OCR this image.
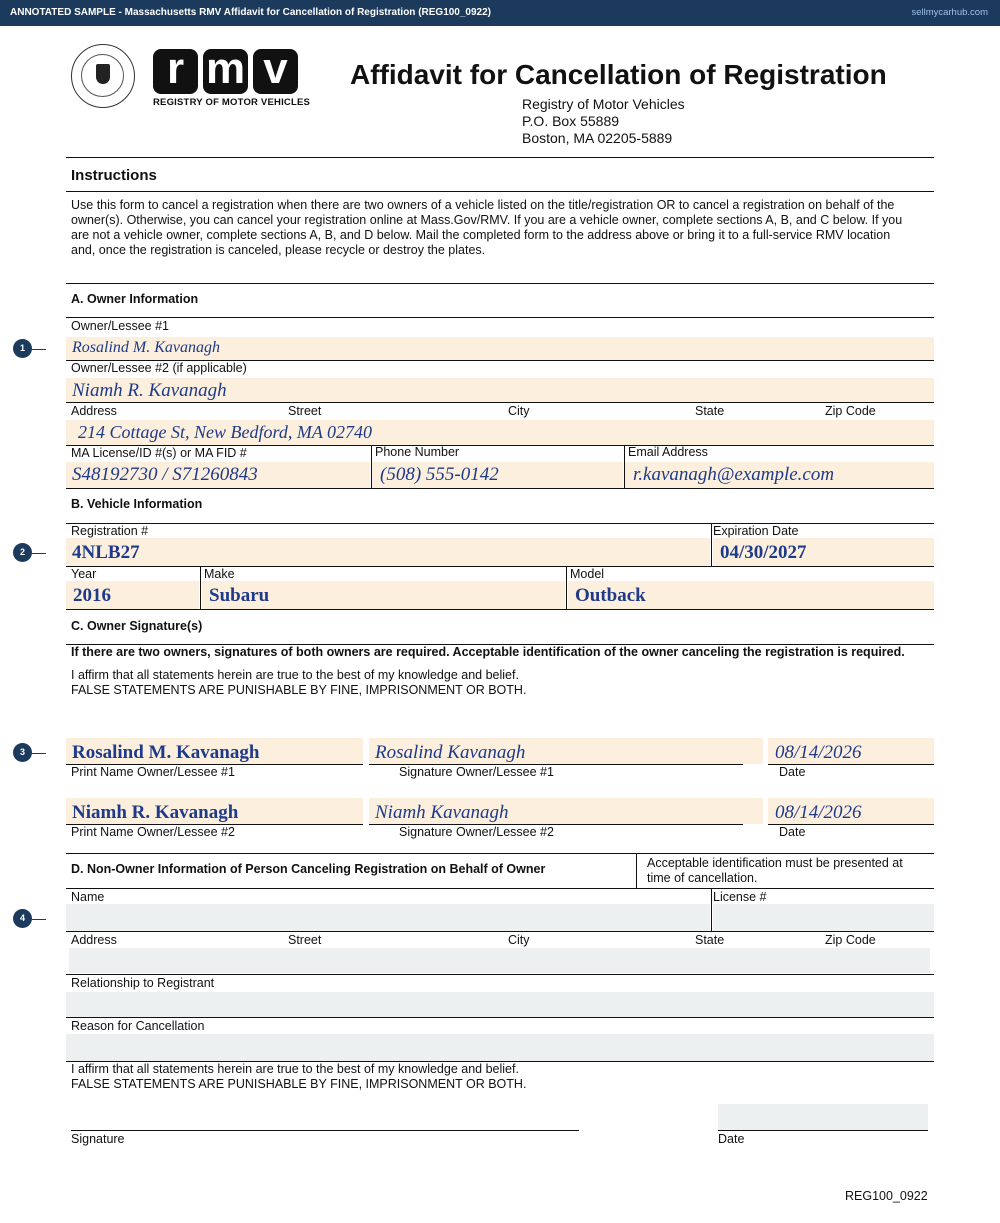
ANNOTATED SAMPLE - Massachusetts RMV Affidavit for Cancellation of Registration (REG100_0922)	sellmycarhub.com
r m v
REGISTRY OF MOTOR VEHICLES
Affidavit for Cancellation of Registration
Registry of Motor Vehicles
P.O. Box 55889
Boston, MA 02205-5889
Instructions
Use this form to cancel a registration when there are two owners of a vehicle listed on the title/registration OR to cancel a registration on behalf of the
owner(s). Otherwise, you can cancel your registration online at Mass.Gov/RMV. If you are a vehicle owner, complete sections A, B, and C below. If you
are not a vehicle owner, complete sections A, B, and D below. Mail the completed form to the address above or bring it to a full-service RMV location
and, once the registration is canceled, please recycle or destroy the plates.
A. Owner Information
Owner/Lessee #1
Rosalind M. Kavanagh
Owner/Lessee #2 (if applicable)
Niamh R. Kavanagh
Address	Street	City	State	Zip Code
214 Cottage St, New Bedford, MA 02740
MA License/ID #(s) or MA FID #	Phone Number	Email Address
S48192730 / S71260843	(508) 555-0142	r.kavanagh@example.com
B. Vehicle Information
Registration #	Expiration Date
4NLB27	04/30/2027
Year	Make	Model
2016	Subaru	Outback
C. Owner Signature(s)
If there are two owners, signatures of both owners are required. Acceptable identification of the owner canceling the registration is required.
I affirm that all statements herein are true to the best of my knowledge and belief.
FALSE STATEMENTS ARE PUNISHABLE BY FINE, IMPRISONMENT OR BOTH.
Rosalind M. Kavanagh	Rosalind Kavanagh	08/14/2026
Print Name Owner/Lessee #1	Signature Owner/Lessee #1	Date
Niamh R. Kavanagh	Niamh Kavanagh	08/14/2026
Print Name Owner/Lessee #2	Signature Owner/Lessee #2	Date
D. Non-Owner Information of Person Canceling Registration on Behalf of Owner	Acceptable identification must be presented at
time of cancellation.
Name	License #
Address	Street	City	State	Zip Code
Relationship to Registrant
Reason for Cancellation
I affirm that all statements herein are true to the best of my knowledge and belief.
FALSE STATEMENTS ARE PUNISHABLE BY FINE, IMPRISONMENT OR BOTH.
Signature	Date
1
2
3
4
REG100_0922
